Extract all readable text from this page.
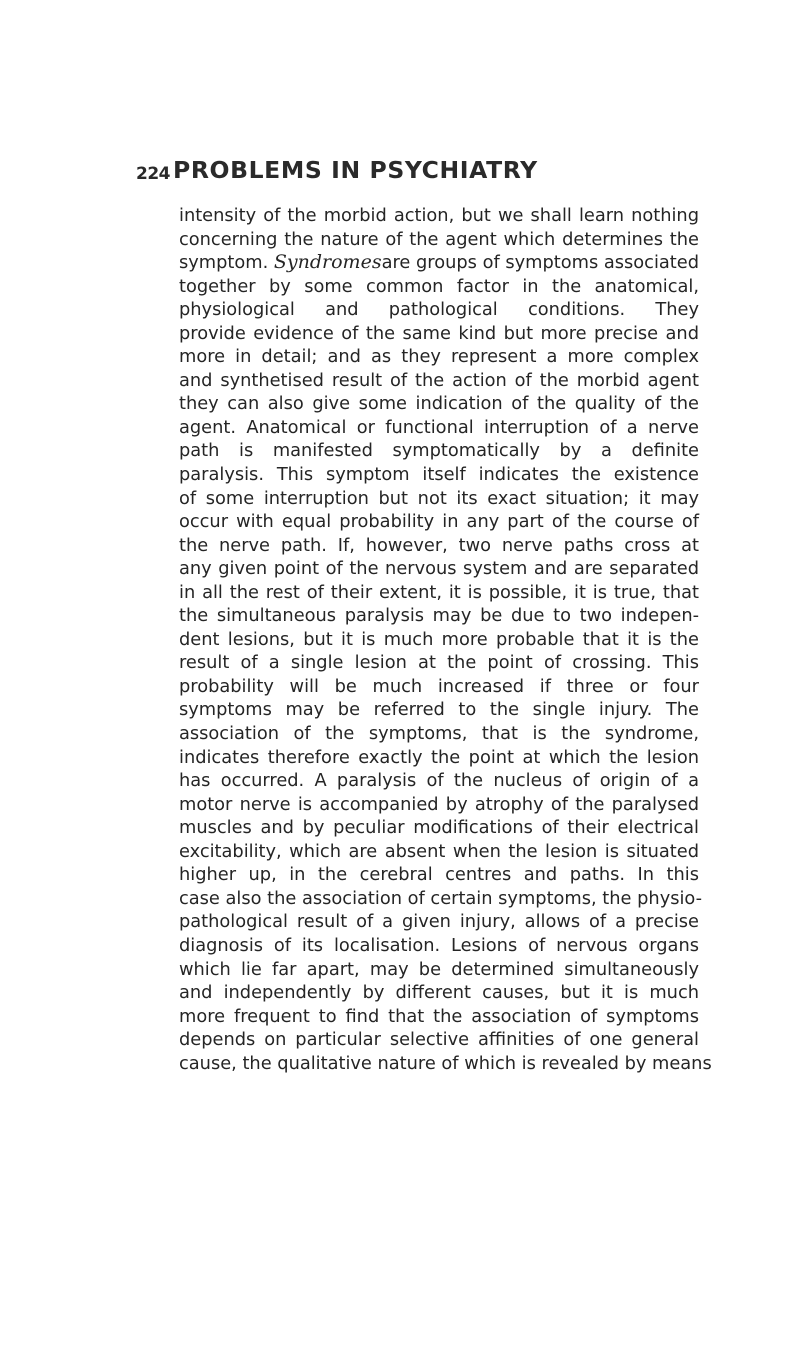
224 PROBLEMS IN PSYCHIATRY
intensity of the morbid action, but we shall learn nothing
concerning the nature of the agent which determines the
symptom. Syndromesare groups of symptoms associated
together by some common factor in the anatomical,
physiological and pathological conditions. They
provide evidence of the same kind but more precise and
more in detail; and as they represent a more complex
and synthetised result of the action of the morbid agent
they can also give some indication of the quality of the
agent. Anatomical or functional interruption of a nerve
path is manifested symptomatically by a definite
paralysis. This symptom itself indicates the existence
of some interruption but not its exact situation; it may
occur with equal probability in any part of the course of
the nerve path. If, however, two nerve paths cross at
any given point of the nervous system and are separated
in all the rest of their extent, it is possible, it is true, that
the simultaneous paralysis may be due to two indepen-
dent lesions, but it is much more probable that it is the
result of a single lesion at the point of crossing. This
probability will be much increased if three or four
symptoms may be referred to the single injury. The
association of the symptoms, that is the syndrome,
indicates therefore exactly the point at which the lesion
has occurred. A paralysis of the nucleus of origin of a
motor nerve is accompanied by atrophy of the paralysed
muscles and by peculiar modifications of their electrical
excitability, which are absent when the lesion is situated
higher up, in the cerebral centres and paths. In this
case also the association of certain symptoms, the physio-
pathological result of a given injury, allows of a precise
diagnosis of its localisation. Lesions of nervous organs
which lie far apart, may be determined simultaneously
and independently by different causes, but it is much
more frequent to find that the association of symptoms
depends on particular selective affinities of one general
cause, the qualitative nature of which is revealed by means
